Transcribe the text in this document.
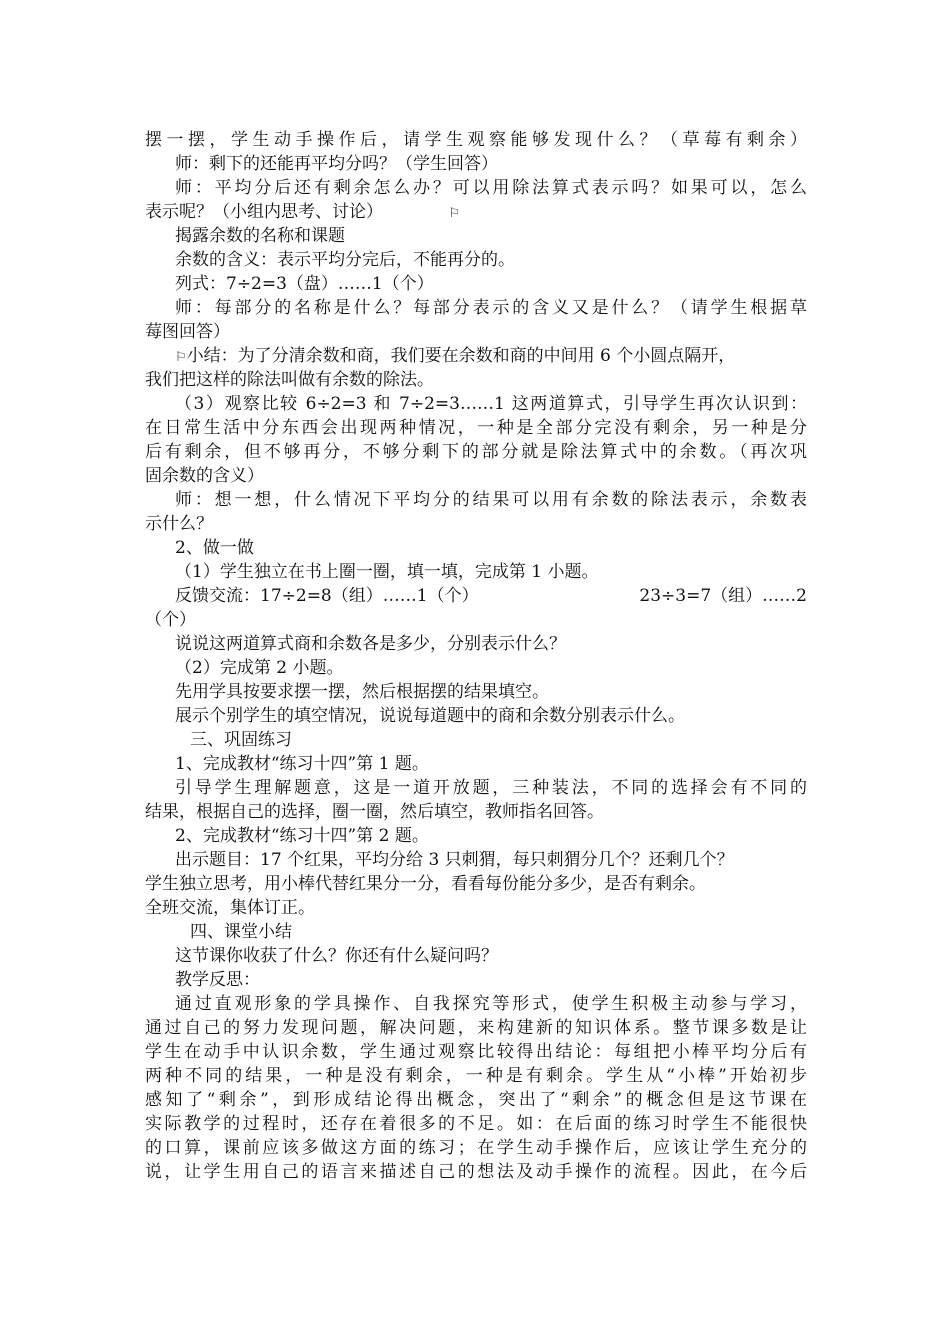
摆一摆，学生动手操作后，请学生观察能够发现什么？（草莓有剩余）
师：剩下的还能再平均分吗？（学生回答）
师：平均分后还有剩余怎么办？可以用除法算式表示吗？如果可以，怎么
表示呢？（小组内思考、讨论）	⚐
揭露余数的名称和课题
余数的含义：表示平均分完后，不能再分的。
列式：7÷2=3（盘）……1（个）
师：每部分的名称是什么？每部分表示的含义又是什么？（请学生根据草
莓图回答）
⚐小结：为了分清余数和商，我们要在余数和商的中间用 6 个小圆点隔开，
我们把这样的除法叫做有余数的除法。
（3）观察比较 6÷2=3 和 7÷2=3……1 这两道算式，引导学生再次认识到：
在日常生活中分东西会出现两种情况，一种是全部分完没有剩余，另一种是分
后有剩余，但不够再分，不够分剩下的部分就是除法算式中的余数。（再次巩
固余数的含义）
师：想一想，什么情况下平均分的结果可以用有余数的除法表示，余数表
示什么？
2、做一做
（1）学生独立在书上圈一圈，填一填，完成第 1 小题。
反馈交流：17÷2=8（组）……1（个）	23÷3=7（组）……2
（个）
说说这两道算式商和余数各是多少，分别表示什么？
（2）完成第 2 小题。
先用学具按要求摆一摆，然后根据摆的结果填空。
展示个别学生的填空情况，说说每道题中的商和余数分别表示什么。
三、巩固练习
1、完成教材“练习十四”第 1 题。
引导学生理解题意，这是一道开放题，三种装法，不同的选择会有不同的
结果，根据自己的选择，圈一圈，然后填空，教师指名回答。
2、完成教材“练习十四”第 2 题。
出示题目：17 个红果，平均分给 3 只刺猬，每只刺猬分几个？还剩几个？
学生独立思考，用小棒代替红果分一分，看看每份能分多少，是否有剩余。
全班交流，集体订正。
四、课堂小结
这节课你收获了什么？你还有什么疑问吗？
教学反思：
通过直观形象的学具操作、自我探究等形式，使学生积极主动参与学习，
通过自己的努力发现问题，解决问题，来构建新的知识体系。整节课多数是让
学生在动手中认识余数，学生通过观察比较得出结论：每组把小棒平均分后有
两种不同的结果，一种是没有剩余，一种是有剩余。学生从“小棒”开始初步
感知了“剩余”，到形成结论得出概念，突出了“剩余”的概念但是这节课在
实际教学的过程时，还存在着很多的不足。如：在后面的练习时学生不能很快
的口算，课前应该多做这方面的练习；在学生动手操作后，应该让学生充分的
说，让学生用自己的语言来描述自己的想法及动手操作的流程。因此，在今后
